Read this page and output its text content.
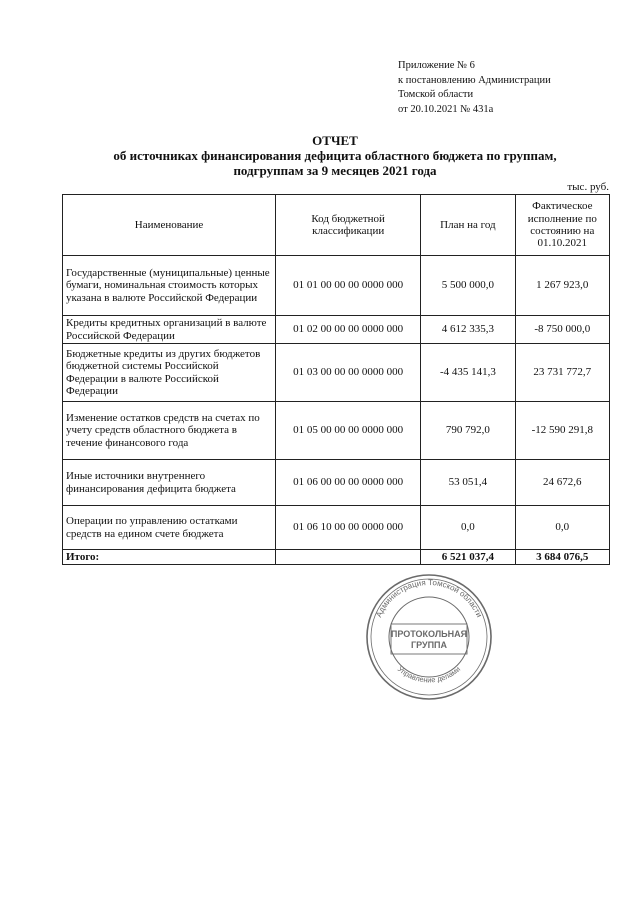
Приложение № 6
к постановлению Администрации
Томской области
от 20.10.2021 № 431а
ОТЧЕТ
об источниках финансирования дефицита областного бюджета по группам,
подгруппам за 9 месяцев 2021 года
тыс. руб.
Наименование	Код бюджетной классификации	План на год	Фактическое исполнение по состоянию на 01.10.2021
Государственные (муниципальные) ценные бумаги, номинальная стоимость которых указана в валюте Российской Федерации	01 01 00 00 00 0000 000	5 500 000,0	1 267 923,0
Кредиты кредитных организаций в валюте Российской Федерации	01 02 00 00 00 0000 000	4 612 335,3	-8 750 000,0
Бюджетные кредиты из других бюджетов бюджетной системы Российской Федерации в валюте Российской Федерации	01 03 00 00 00 0000 000	-4 435 141,3	23 731 772,7
Изменение остатков средств на счетах по учету средств областного бюджета в течение финансового года	01 05 00 00 00 0000 000	790 792,0	-12 590 291,8
Иные источники внутреннего финансирования дефицита бюджета	01 06 00 00 00 0000 000	53 051,4	24 672,6
Операции по управлению остатками средств на едином счете бюджета	01 06 10 00 00 0000 000	0,0	0,0
Итого:		6 521 037,4	3 684 076,5
Администрация Томской области
Управление делами
ПРОТОКОЛЬНАЯ
ГРУППА
